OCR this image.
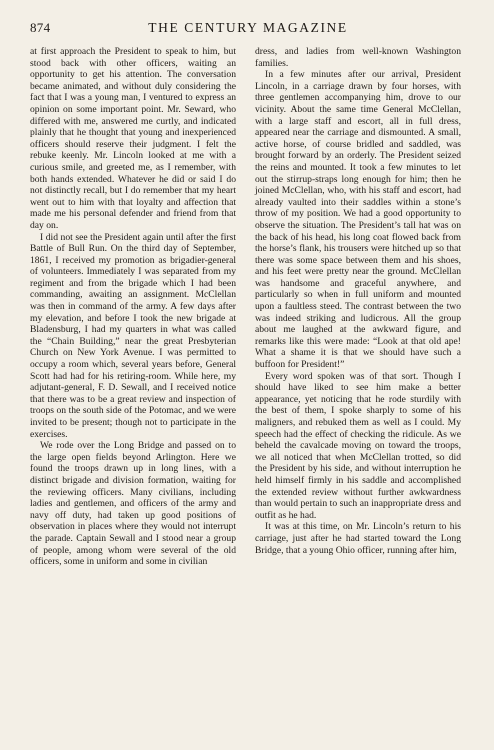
874	THE CENTURY MAGAZINE

at first approach the President to speak to him, but stood back with other officers, waiting an opportunity to get his attention. The conversation became animated, and without duly considering the fact that I was a young man, I ventured to express an opinion on some important point. Mr. Seward, who differed with me, answered me curtly, and indicated plainly that he thought that young and inexperienced officers should reserve their judgment. I felt the rebuke keenly. Mr. Lincoln looked at me with a curious smile, and greeted me, as I remember, with both hands extended. Whatever he did or said I do not distinctly recall, but I do remember that my heart went out to him with that loyalty and affection that made me his personal defender and friend from that day on.

I did not see the President again until after the first Battle of Bull Run. On the third day of September, 1861, I received my promotion as brigadier-general of volunteers. Immediately I was separated from my regiment and from the brigade which I had been commanding, awaiting an assignment. McClellan was then in command of the army. A few days after my elevation, and before I took the new brigade at Bladensburg, I had my quarters in what was called the “Chain Building,” near the great Presbyterian Church on New York Avenue. I was permitted to occupy a room which, several years before, General Scott had had for his retiring-room. While here, my adjutant-general, F. D. Sewall, and I received notice that there was to be a great review and inspection of troops on the south side of the Potomac, and we were invited to be present; though not to participate in the exercises.

We rode over the Long Bridge and passed on to the large open fields beyond Arlington. Here we found the troops drawn up in long lines, with a distinct brigade and division formation, waiting for the reviewing officers. Many civilians, including ladies and gentlemen, and officers of the army and navy off duty, had taken up good positions of observation in places where they would not interrupt the parade. Captain Sewall and I stood near a group of people, among whom were several of the old officers, some in uniform and some in civilian

dress, and ladies from well-known Washington families.

In a few minutes after our arrival, President Lincoln, in a carriage drawn by four horses, with three gentlemen accompanying him, drove to our vicinity. About the same time General McClellan, with a large staff and escort, all in full dress, appeared near the carriage and dismounted. A small, active horse, of course bridled and saddled, was brought forward by an orderly. The President seized the reins and mounted. It took a few minutes to let out the stirrup-straps long enough for him; then he joined McClellan, who, with his staff and escort, had already vaulted into their saddles within a stone’s throw of my position. We had a good opportunity to observe the situation. The President’s tall hat was on the back of his head, his long coat flowed back from the horse’s flank, his trousers were hitched up so that there was some space between them and his shoes, and his feet were pretty near the ground. McClellan was handsome and graceful anywhere, and particularly so when in full uniform and mounted upon a faultless steed. The contrast between the two was indeed striking and ludicrous. All the group about me laughed at the awkward figure, and remarks like this were made: “Look at that old ape! What a shame it is that we should have such a buffoon for President!”

Every word spoken was of that sort. Though I should have liked to see him make a better appearance, yet noticing that he rode sturdily with the best of them, I spoke sharply to some of his maligners, and rebuked them as well as I could. My speech had the effect of checking the ridicule. As we beheld the cavalcade moving on toward the troops, we all noticed that when McClellan trotted, so did the President by his side, and without interruption he held himself firmly in his saddle and accomplished the extended review without further awkwardness than would pertain to such an inappropriate dress and outfit as he had.

It was at this time, on Mr. Lincoln’s return to his carriage, just after he had started toward the Long Bridge, that a young Ohio officer, running after him,
